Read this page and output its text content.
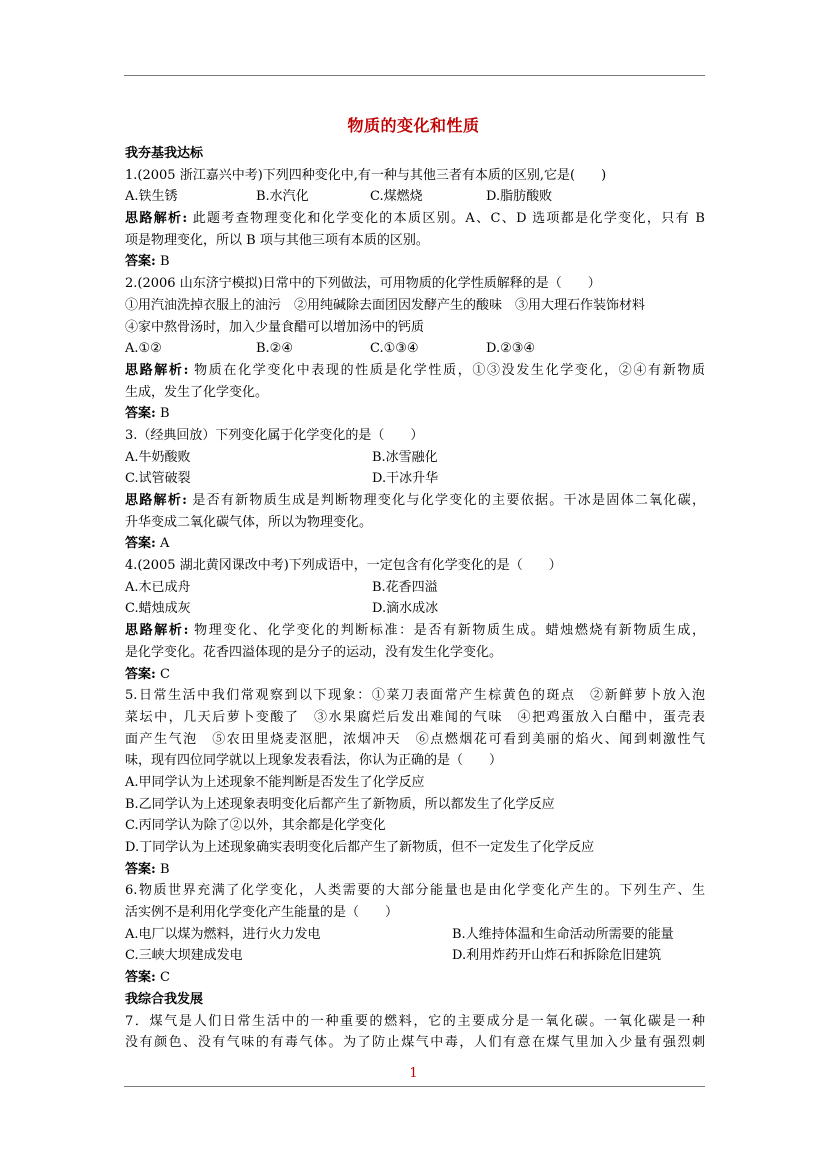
物质的变化和性质
我夯基我达标
1.(2005 浙江嘉兴中考)下列四种变化中,有一种与其他三者有本质的区别,它是(　　)
A.铁生锈	B.水汽化	C.煤燃烧	D.脂肪酸败
思路解析: 此题考查物理变化和化学变化的本质区别。A、C、D 选项都是化学变化，只有 B
项是物理变化，所以 B 项与其他三项有本质的区别。
答案: B
2.(2006 山东济宁模拟)日常中的下列做法，可用物质的化学性质解释的是（　　）
①用汽油洗掉衣服上的油污　②用纯碱除去面团因发酵产生的酸味　③用大理石作装饰材料
④家中熬骨汤时，加入少量食醋可以增加汤中的钙质
A.①②	B.②④	C.①③④	D.②③④
思路解析: 物质在化学变化中表现的性质是化学性质，①③没发生化学变化，②④有新物质
生成，发生了化学变化。
答案: B
3.（经典回放）下列变化属于化学变化的是（　　）
A.牛奶酸败	B.冰雪融化
C.试管破裂	D.干冰升华
思路解析: 是否有新物质生成是判断物理变化与化学变化的主要依据。干冰是固体二氧化碳，
升华变成二氧化碳气体，所以为物理变化。
答案: A
4.(2005 湖北黄冈课改中考)下列成语中，一定包含有化学变化的是（　　）
A.木已成舟	B.花香四溢
C.蜡烛成灰	D.滴水成冰
思路解析: 物理变化、化学变化的判断标准：是否有新物质生成。蜡烛燃烧有新物质生成，
是化学变化。花香四溢体现的是分子的运动，没有发生化学变化。
答案: C
5.日常生活中我们常观察到以下现象：①菜刀表面常产生棕黄色的斑点　②新鲜萝卜放入泡
菜坛中，几天后萝卜变酸了　③水果腐烂后发出难闻的气味　④把鸡蛋放入白醋中，蛋壳表
面产生气泡　⑤农田里烧麦沤肥，浓烟冲天　⑥点燃烟花可看到美丽的焰火、闻到刺激性气
味，现有四位同学就以上现象发表看法，你认为正确的是（　　）
A.甲同学认为上述现象不能判断是否发生了化学反应
B.乙同学认为上述现象表明变化后都产生了新物质，所以都发生了化学反应
C.丙同学认为除了②以外，其余都是化学变化
D.丁同学认为上述现象确实表明变化后都产生了新物质，但不一定发生了化学反应
答案: B
6.物质世界充满了化学变化，人类需要的大部分能量也是由化学变化产生的。下列生产、生
活实例不是利用化学变化产生能量的是（　　）
A.电厂以煤为燃料，进行火力发电	B.人维持体温和生命活动所需要的能量
C.三峡大坝建成发电	D.利用炸药开山炸石和拆除危旧建筑
答案: C
我综合我发展
7．煤气是人们日常生活中的一种重要的燃料，它的主要成分是一氧化碳。一氧化碳是一种
没有颜色、没有气味的有毒气体。为了防止煤气中毒，人们有意在煤气里加入少量有强烈刺
1
